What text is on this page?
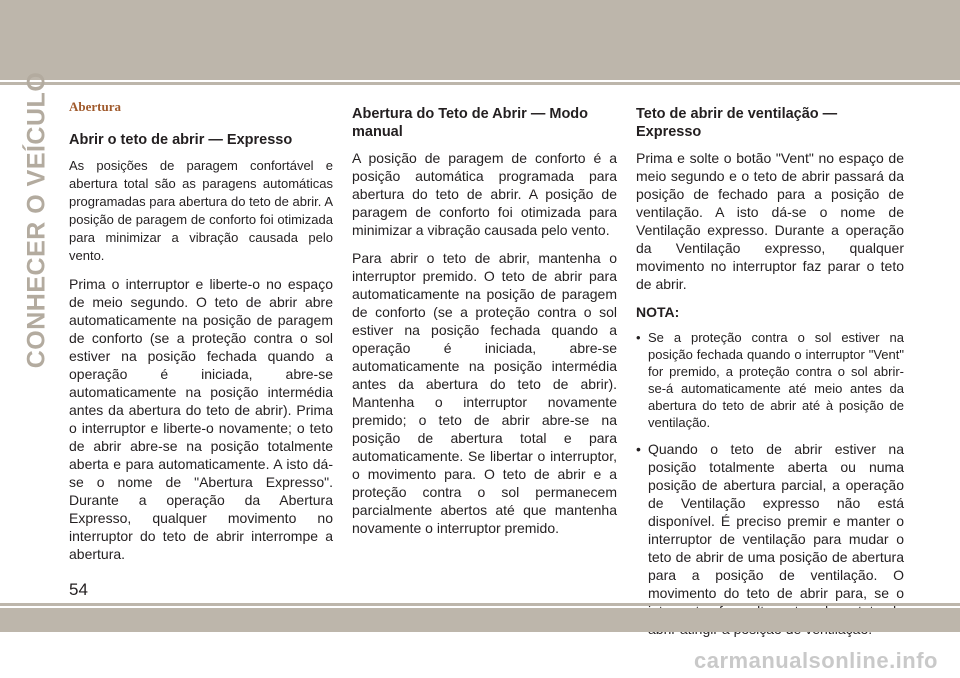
CONHECER O VEÍCULO Abertura
Abrir o teto de abrir — Expresso

As posições de paragem confortável e abertura total são as paragens automáticas programadas para abertura do teto de abrir. A posição de paragem de conforto foi otimizada para minimizar a vibração causada pelo vento.

Prima o interruptor e liberte-o no espaço de meio segundo. O teto de abrir abre automaticamente na posição de paragem de conforto (se a proteção contra o sol estiver na posição fechada quando a operação é iniciada, abre-se automaticamente na posição intermédia antes da abertura do teto de abrir). Prima o interruptor e liberte-o novamente; o teto de abrir abre-se na posição totalmente aberta e para automaticamente. A isto dá-se o nome de "Abertura Expresso". Durante a operação da Abertura Expresso, qualquer movimento no interruptor do teto de abrir interrompe a abertura.

Abertura do Teto de Abrir — Modo manual

A posição de paragem de conforto é a posição automática programada para abertura do teto de abrir. A posição de paragem de conforto foi otimizada para minimizar a vibração causada pelo vento.

Para abrir o teto de abrir, mantenha o interruptor premido. O teto de abrir para automaticamente na posição de paragem de conforto (se a proteção contra o sol estiver na posição fechada quando a operação é iniciada, abre-se automaticamente na posição intermédia antes da abertura do teto de abrir). Mantenha o interruptor novamente premido; o teto de abrir abre-se na posição de abertura total e para automaticamente. Se libertar o interruptor, o movimento para. O teto de abrir e a proteção contra o sol permanecem parcialmente abertos até que mantenha novamente o interruptor premido.

Teto de abrir de ventilação — Expresso

Prima e solte o botão "Vent" no espaço de meio segundo e o teto de abrir passará da posição de fechado para a posição de ventilação. A isto dá-se o nome de Ventilação expresso. Durante a operação da Ventilação expresso, qualquer movimento no interruptor faz parar o teto de abrir.

NOTA:
• Se a proteção contra o sol estiver na posição fechada quando o interruptor "Vent" for premido, a proteção contra o sol abrir-se-á automaticamente até meio antes da abertura do teto de abrir até à posição de ventilação.
• Quando o teto de abrir estiver na posição totalmente aberta ou numa posição de abertura parcial, a operação de Ventilação expresso não está disponível. É preciso premir e manter o interruptor de ventilação para mudar o teto de abrir de uma posição de abertura para a posição de ventilação. O movimento do teto de abrir para, se o
54
carmanualsonline.info
